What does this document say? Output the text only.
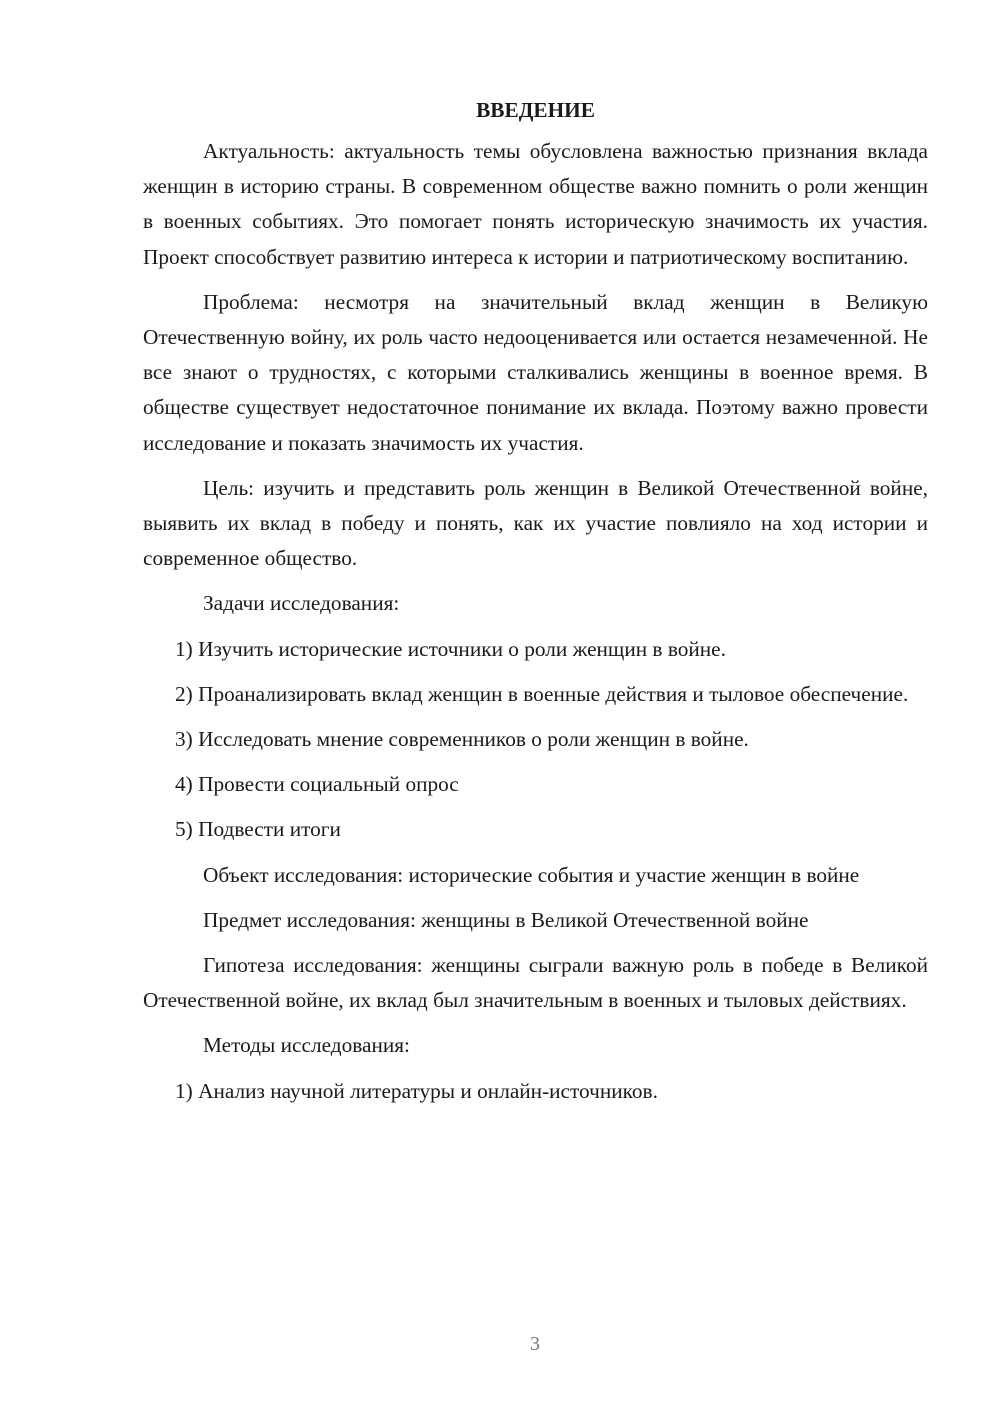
ВВЕДЕНИЕ

Актуальность: актуальность темы обусловлена важностью признания вклада женщин в историю страны. В современном обществе важно помнить о роли женщин в военных событиях. Это помогает понять историческую значимость их участия. Проект способствует развитию интереса к истории и патриотическому воспитанию.

Проблема: несмотря на значительный вклад женщин в Великую Отечественную войну, их роль часто недооценивается или остается незамеченной. Не все знают о трудностях, с которыми сталкивались женщины в военное время. В обществе существует недостаточное понимание их вклада. Поэтому важно провести исследование и показать значимость их участия.

Цель: изучить и представить роль женщин в Великой Отечественной войне, выявить их вклад в победу и понять, как их участие повлияло на ход истории и современное общество.

Задачи исследования:

1) Изучить исторические источники о роли женщин в войне.

2) Проанализировать вклад женщин в военные действия и тыловое обеспечение.

3) Исследовать мнение современников о роли женщин в войне.

4) Провести социальный опрос

5) Подвести итоги

Объект исследования: исторические события и участие женщин в войне

Предмет исследования: женщины в Великой Отечественной войне

Гипотеза исследования: женщины сыграли важную роль в победе в Великой Отечественной войне, их вклад был значительным в военных и тыловых действиях.

Методы исследования:

1) Анализ научной литературы и онлайн-источников.

3
